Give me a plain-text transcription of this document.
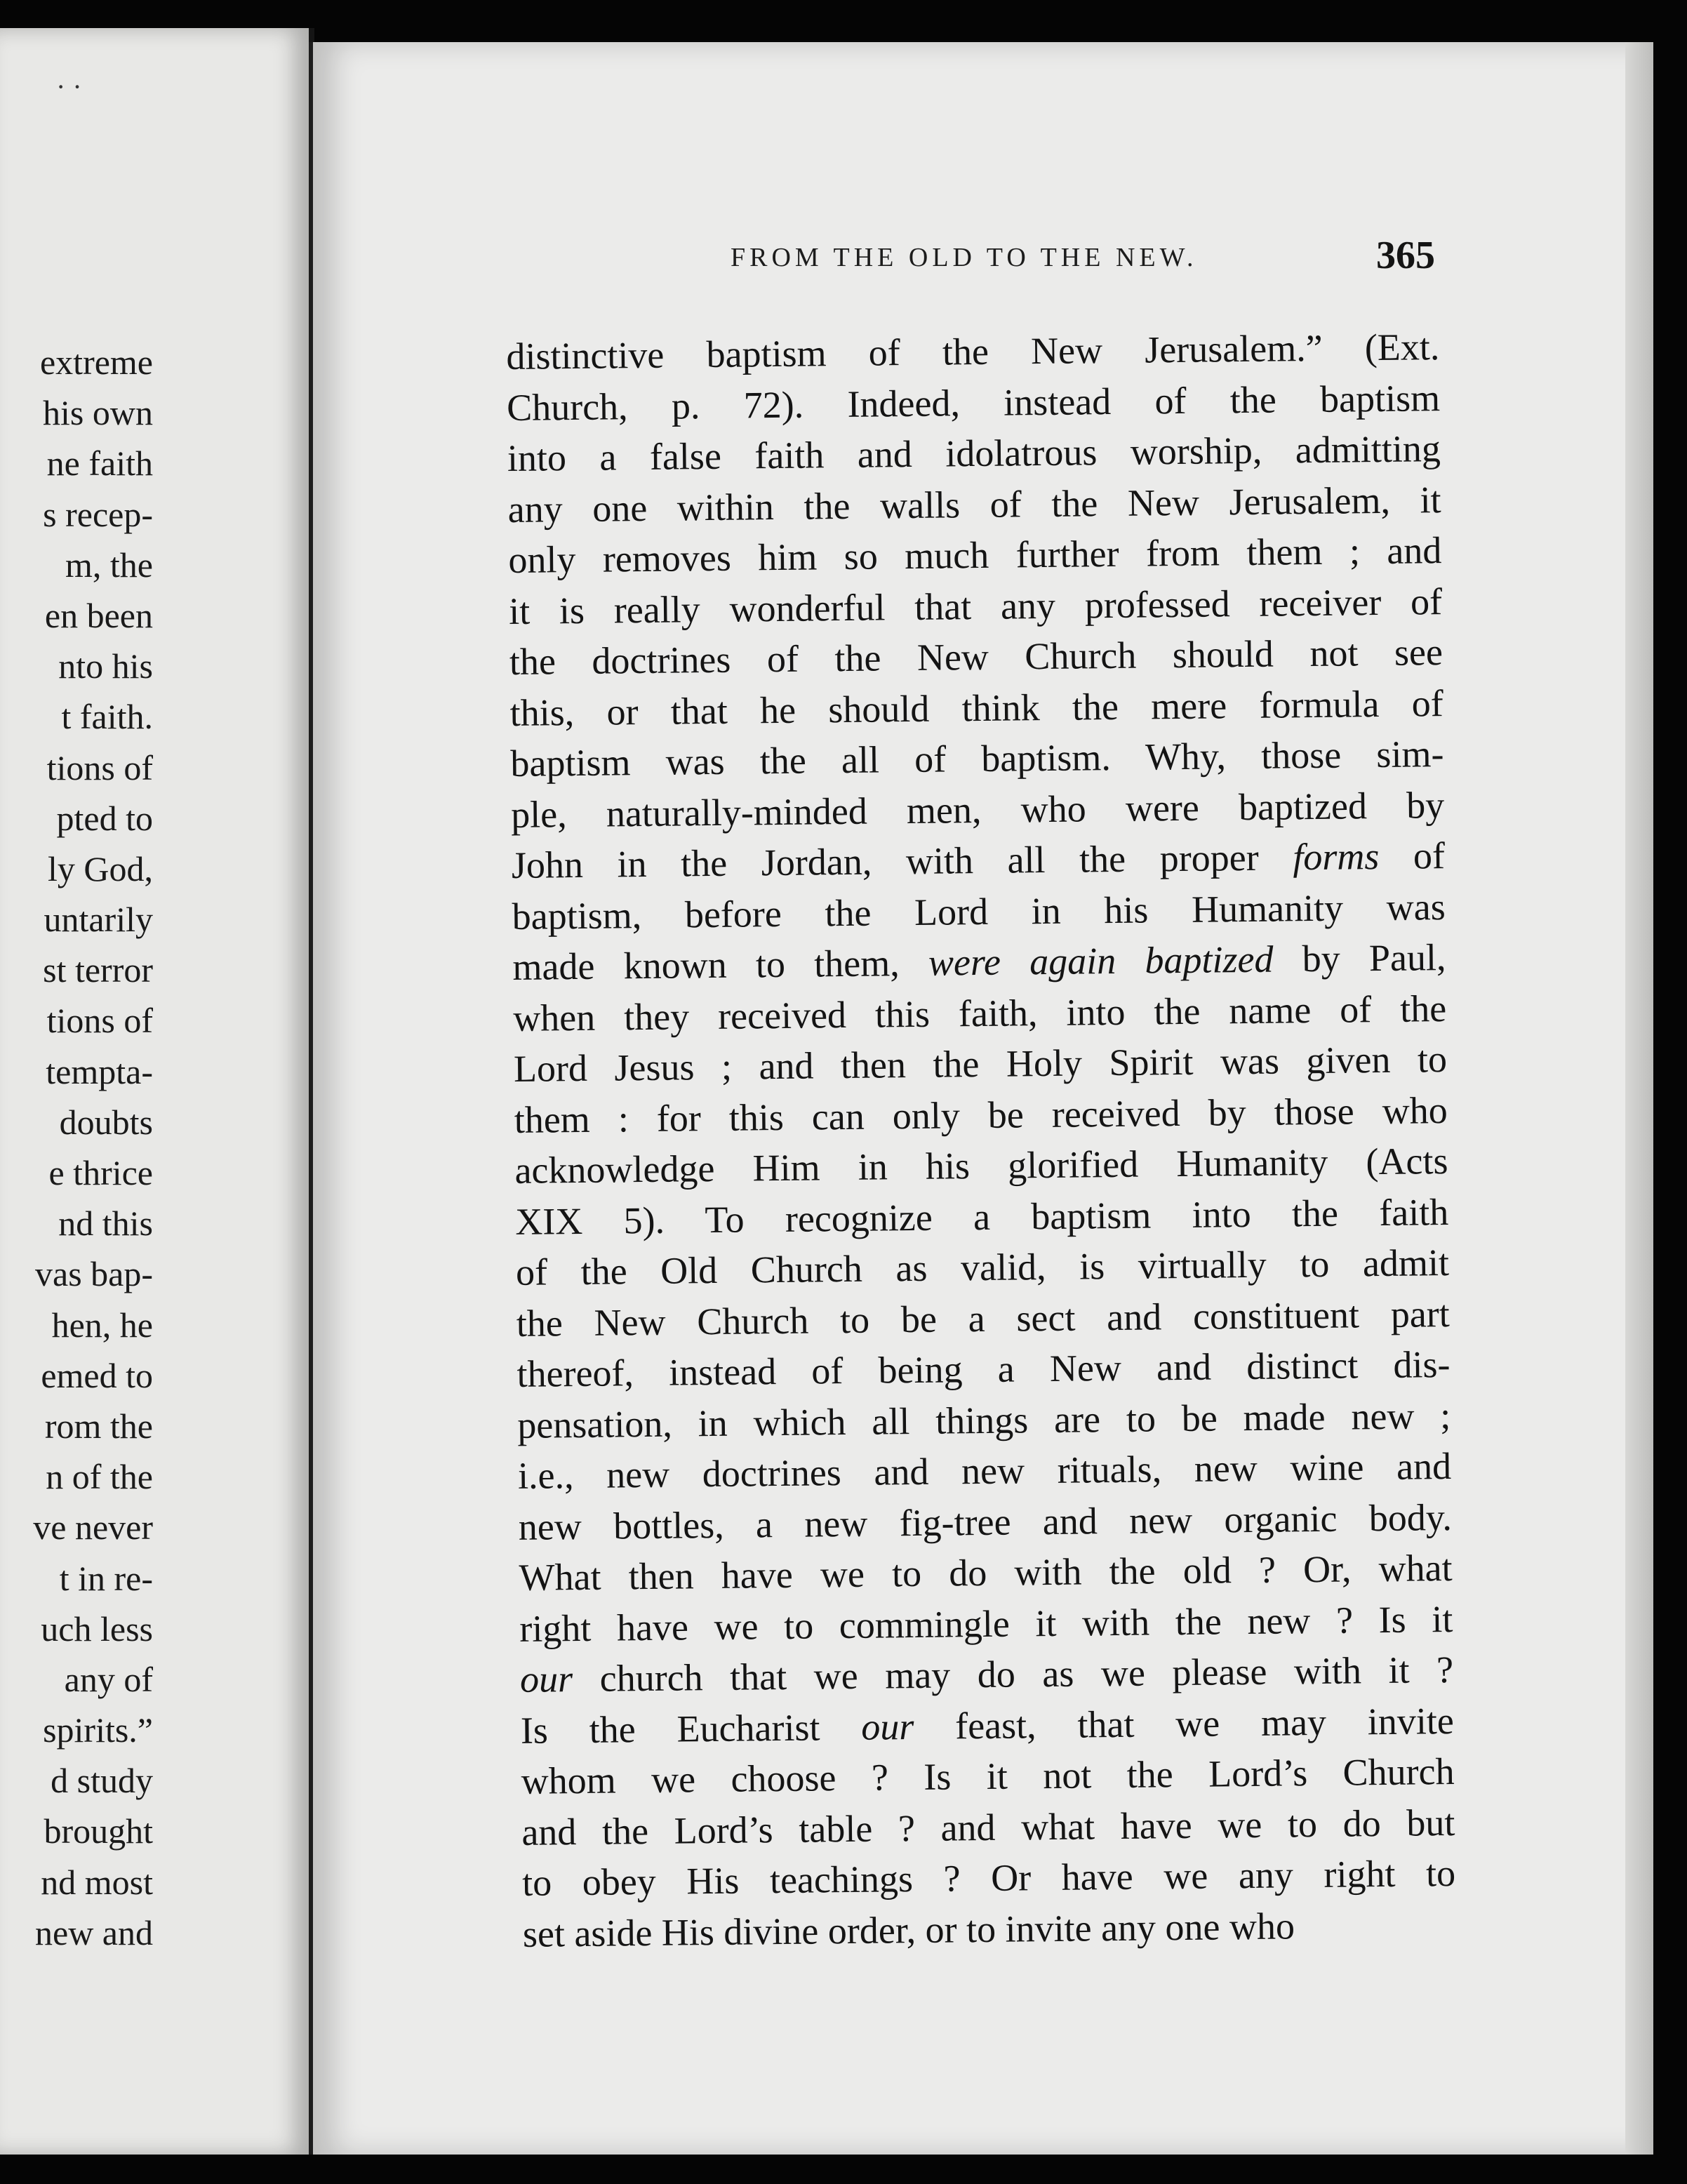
· ·
extreme
his own
ne faith
s recep-
m, the
en been
nto his
t faith.
tions of
pted to
ly God,
untarily
st terror
tions of
tempta-
doubts
e thrice
nd this
vas bap-
hen, he
emed to
rom the
n of the
ve never
t in re-
uch less
any of
spirits.”
d study
brought
nd most
new and
FROM THE OLD TO THE NEW.	365
distinctive baptism of the New Jerusalem.” (Ext.
Church, p. 72). Indeed, instead of the baptism
into a false faith and idolatrous worship, admitting
any one within the walls of the New Jerusalem, it
only removes him so much further from them ; and
it is really wonderful that any professed receiver of
the doctrines of the New Church should not see
this, or that he should think the mere formula of
baptism was the all of baptism. Why, those sim-
ple, naturally-minded men, who were baptized by
John in the Jordan, with all the proper forms of
baptism, before the Lord in his Humanity was
made known to them, were again baptized by Paul,
when they received this faith, into the name of the
Lord Jesus ; and then the Holy Spirit was given to
them : for this can only be received by those who
acknowledge Him in his glorified Humanity (Acts
XIX 5). To recognize a baptism into the faith
of the Old Church as valid, is virtually to admit
the New Church to be a sect and constituent part
thereof, instead of being a New and distinct dis-
pensation, in which all things are to be made new ;
i.e., new doctrines and new rituals, new wine and
new bottles, a new fig-tree and new organic body.
What then have we to do with the old ? Or, what
right have we to commingle it with the new ? Is it
our church that we may do as we please with it ?
Is the Eucharist our feast, that we may invite
whom we choose ? Is it not the Lord’s Church
and the Lord’s table ? and what have we to do but
to obey His teachings ? Or have we any right to
set aside His divine order, or to invite any one who
